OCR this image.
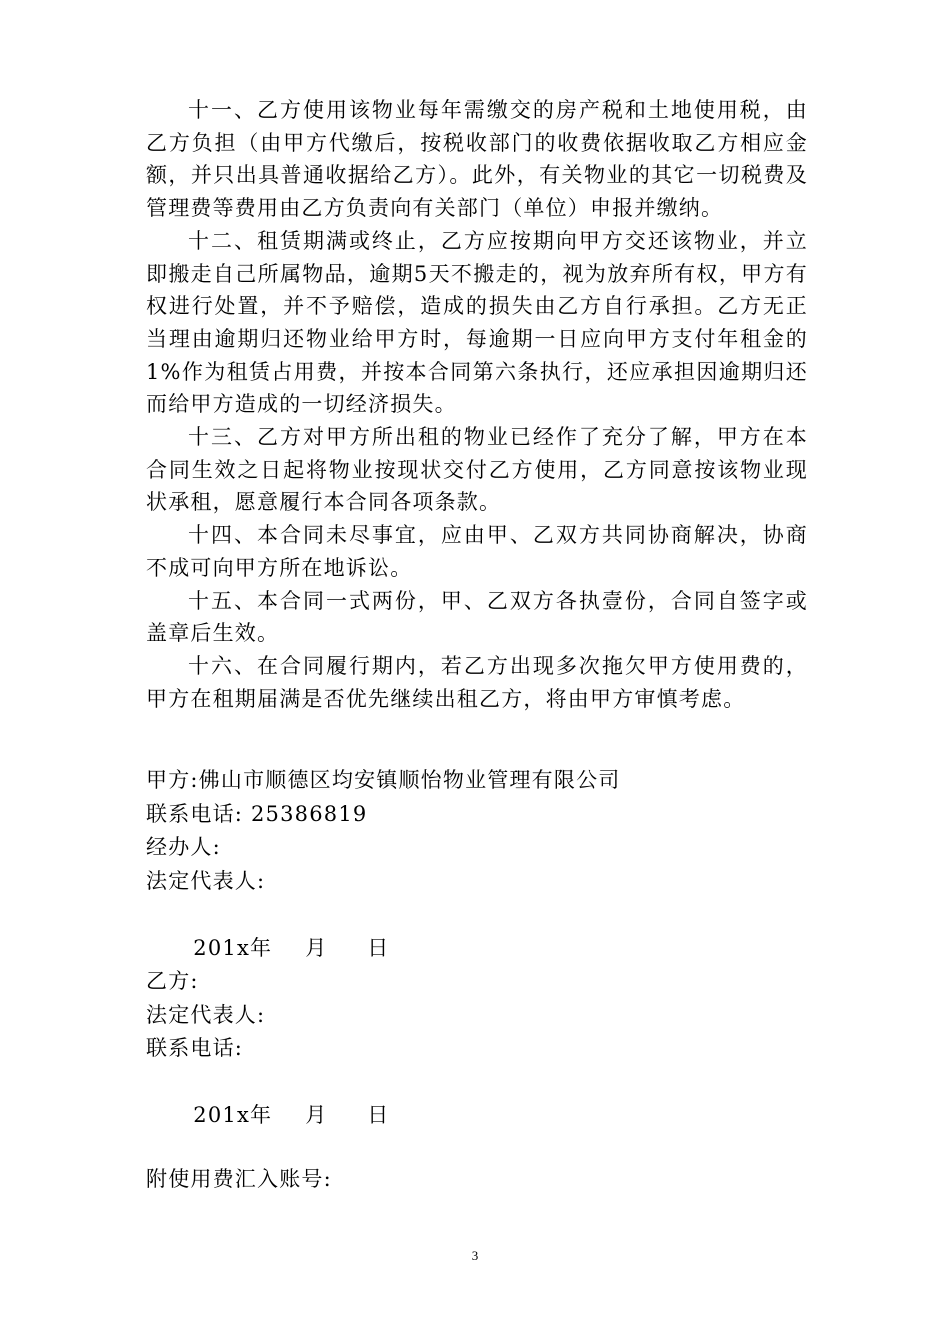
十一、乙方使用该物业每年需缴交的房产税和土地使用税，由乙方负担（由甲方代缴后，按税收部门的收费依据收取乙方相应金额，并只出具普通收据给乙方）。此外，有关物业的其它一切税费及管理费等费用由乙方负责向有关部门（单位）申报并缴纳。

十二、租赁期满或终止，乙方应按期向甲方交还该物业，并立即搬走自己所属物品，逾期5天不搬走的，视为放弃所有权，甲方有权进行处置，并不予赔偿，造成的损失由乙方自行承担。乙方无正当理由逾期归还物业给甲方时，每逾期一日应向甲方支付年租金的1%作为租赁占用费，并按本合同第六条执行，还应承担因逾期归还而给甲方造成的一切经济损失。

十三、乙方对甲方所出租的物业已经作了充分了解，甲方在本合同生效之日起将物业按现状交付乙方使用，乙方同意按该物业现状承租，愿意履行本合同各项条款。

十四、本合同未尽事宜，应由甲、乙双方共同协商解决，协商不成可向甲方所在地诉讼。

十五、本合同一式两份，甲、乙双方各执壹份，合同自签字或盖章后生效。

十六、在合同履行期内，若乙方出现多次拖欠甲方使用费的，甲方在租期届满是否优先继续出租乙方，将由甲方审慎考虑。

甲方:佛山市顺德区均安镇顺怡物业管理有限公司
联系电话: 25386819
经办人:
法定代表人:

201x年 月 日

乙方:
法定代表人:
联系电话:

201x年 月 日

附使用费汇入账号:
3
